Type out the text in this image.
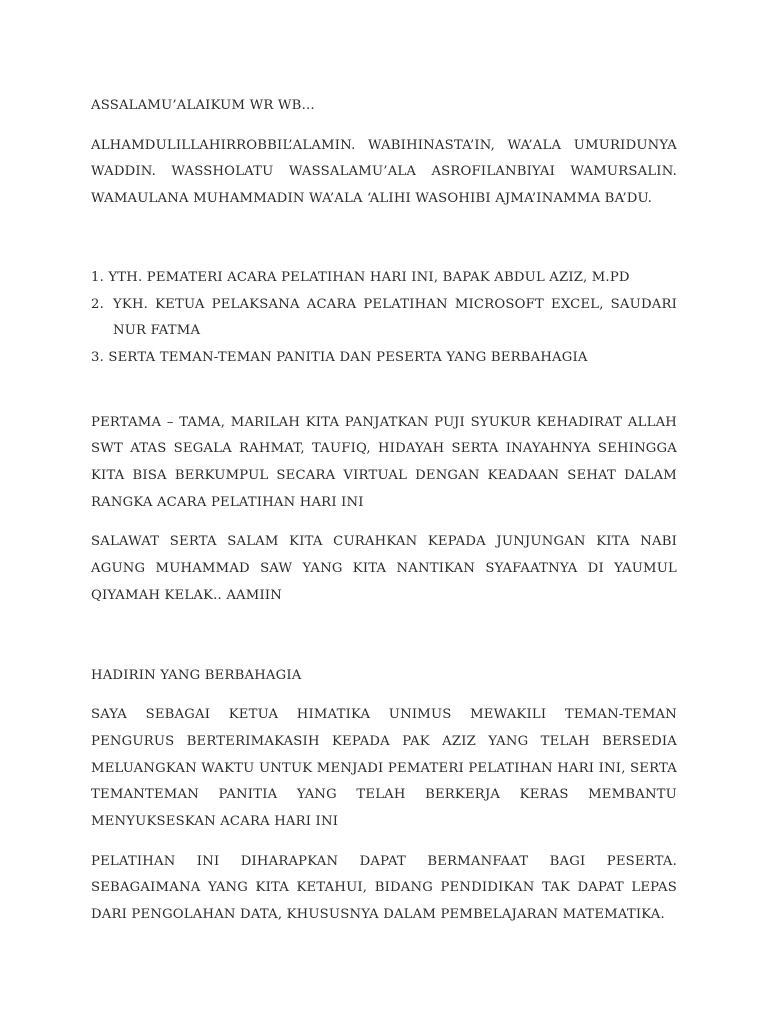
ASSALAMU’ALAIKUM WR WB…

ALHAMDULILLAHIRROBBIL’ALAMIN. WABIHINASTA’IN, WA’ALA UMURIDUNYA WADDIN. WASSHOLATU WASSALAMU’ALA ASROFILANBIYAI WAMURSALIN. WAMAULANA MUHAMMADIN WA’ALA ‘ALIHI WASOHIBI AJMA’INAMMA BA’DU.

1. YTH. PEMATERI ACARA PELATIHAN HARI INI, BAPAK ABDUL AZIZ, M.PD
2. YKH. KETUA PELAKSANA ACARA PELATIHAN MICROSOFT EXCEL, SAUDARI NUR FATMA
3. SERTA TEMAN-TEMAN PANITIA DAN PESERTA YANG BERBAHAGIA

PERTAMA – TAMA, MARILAH KITA PANJATKAN PUJI SYUKUR KEHADIRAT ALLAH SWT ATAS SEGALA RAHMAT, TAUFIQ, HIDAYAH SERTA INAYAHNYA SEHINGGA KITA BISA BERKUMPUL SECARA VIRTUAL DENGAN KEADAAN SEHAT DALAM RANGKA ACARA PELATIHAN HARI INI

SALAWAT SERTA SALAM KITA CURAHKAN KEPADA JUNJUNGAN KITA NABI AGUNG MUHAMMAD SAW YANG KITA NANTIKAN SYAFAATNYA DI YAUMUL QIYAMAH KELAK.. AAMIIN

HADIRIN YANG BERBAHAGIA

SAYA SEBAGAI KETUA HIMATIKA UNIMUS MEWAKILI TEMAN-TEMAN PENGURUS BERTERIMAKASIH KEPADA PAK AZIZ YANG TELAH BERSEDIA MELUANGKAN WAKTU UNTUK MENJADI PEMATERI PELATIHAN HARI INI, SERTA TEMANTEMAN PANITIA YANG TELAH BERKERJA KERAS MEMBANTU MENYUKSESKAN ACARA HARI INI

PELATIHAN INI DIHARAPKAN DAPAT BERMANFAAT BAGI PESERTA. SEBAGAIMANA YANG KITA KETAHUI, BIDANG PENDIDIKAN TAK DAPAT LEPAS DARI PENGOLAHAN DATA, KHUSUSNYA DALAM PEMBELAJARAN MATEMATIKA.
